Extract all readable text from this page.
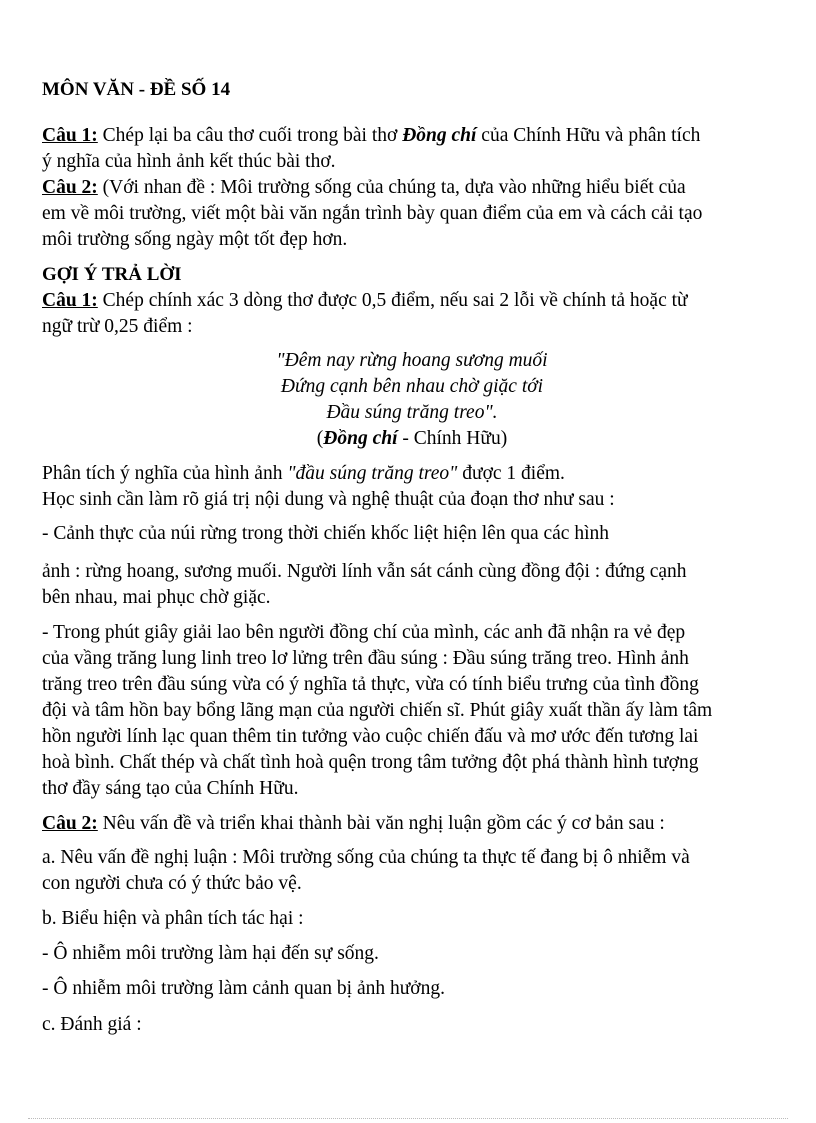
MÔN VĂN - ĐỀ SỐ 14
Câu 1: Chép lại ba câu thơ cuối trong bài thơ Đồng chí của Chính Hữu và phân tích
ý nghĩa của hình ảnh kết thúc bài thơ.
Câu 2: (Với nhan đề : Môi trường sống của chúng ta, dựa vào những hiểu biết của
em về môi trường, viết một bài văn ngắn trình bày quan điểm của em và cách cải tạo
môi trường sống ngày một tốt đẹp hơn.
GỢI Ý TRẢ LỜI
Câu 1: Chép chính xác 3 dòng thơ được 0,5 điểm, nếu sai 2 lỗi về chính tả hoặc từ
ngữ trừ 0,25 điểm :
"Đêm nay rừng hoang sương muối
Đứng cạnh bên nhau chờ giặc tới
Đầu súng trăng treo".
(Đồng chí - Chính Hữu)
Phân tích ý nghĩa của hình ảnh "đầu súng trăng treo" được 1 điểm.
Học sinh cần làm rõ giá trị nội dung và nghệ thuật của đoạn thơ như sau :
- Cảnh thực của núi rừng trong thời chiến khốc liệt hiện lên qua các hình
ảnh : rừng hoang, sương muối. Người lính vẫn sát cánh cùng đồng đội : đứng cạnh
bên nhau, mai phục chờ giặc.
- Trong phút giây giải lao bên người đồng chí của mình, các anh đã nhận ra vẻ đẹp
của vầng trăng lung linh treo lơ lửng trên đầu súng : Đầu súng trăng treo. Hình ảnh
trăng treo trên đầu súng vừa có ý nghĩa tả thực, vừa có tính biểu trưng của tình đồng
đội và tâm hồn bay bổng lãng mạn của người chiến sĩ. Phút giây xuất thần ấy làm tâm
hồn người lính lạc quan thêm tin tưởng vào cuộc chiến đấu và mơ ước đến tương lai
hoà bình. Chất thép và chất tình hoà quện trong tâm tưởng đột phá thành hình tượng
thơ đầy sáng tạo của Chính Hữu.
Câu 2: Nêu vấn đề và triển khai thành bài văn nghị luận gồm các ý cơ bản sau :
a. Nêu vấn đề nghị luận : Môi trường sống của chúng ta thực tế đang bị ô nhiễm và
con người chưa có ý thức bảo vệ.
b. Biểu hiện và phân tích tác hại :
- Ô nhiễm môi trường làm hại đến sự sống.
- Ô nhiễm môi trường làm cảnh quan bị ảnh hưởng.
c. Đánh giá :
